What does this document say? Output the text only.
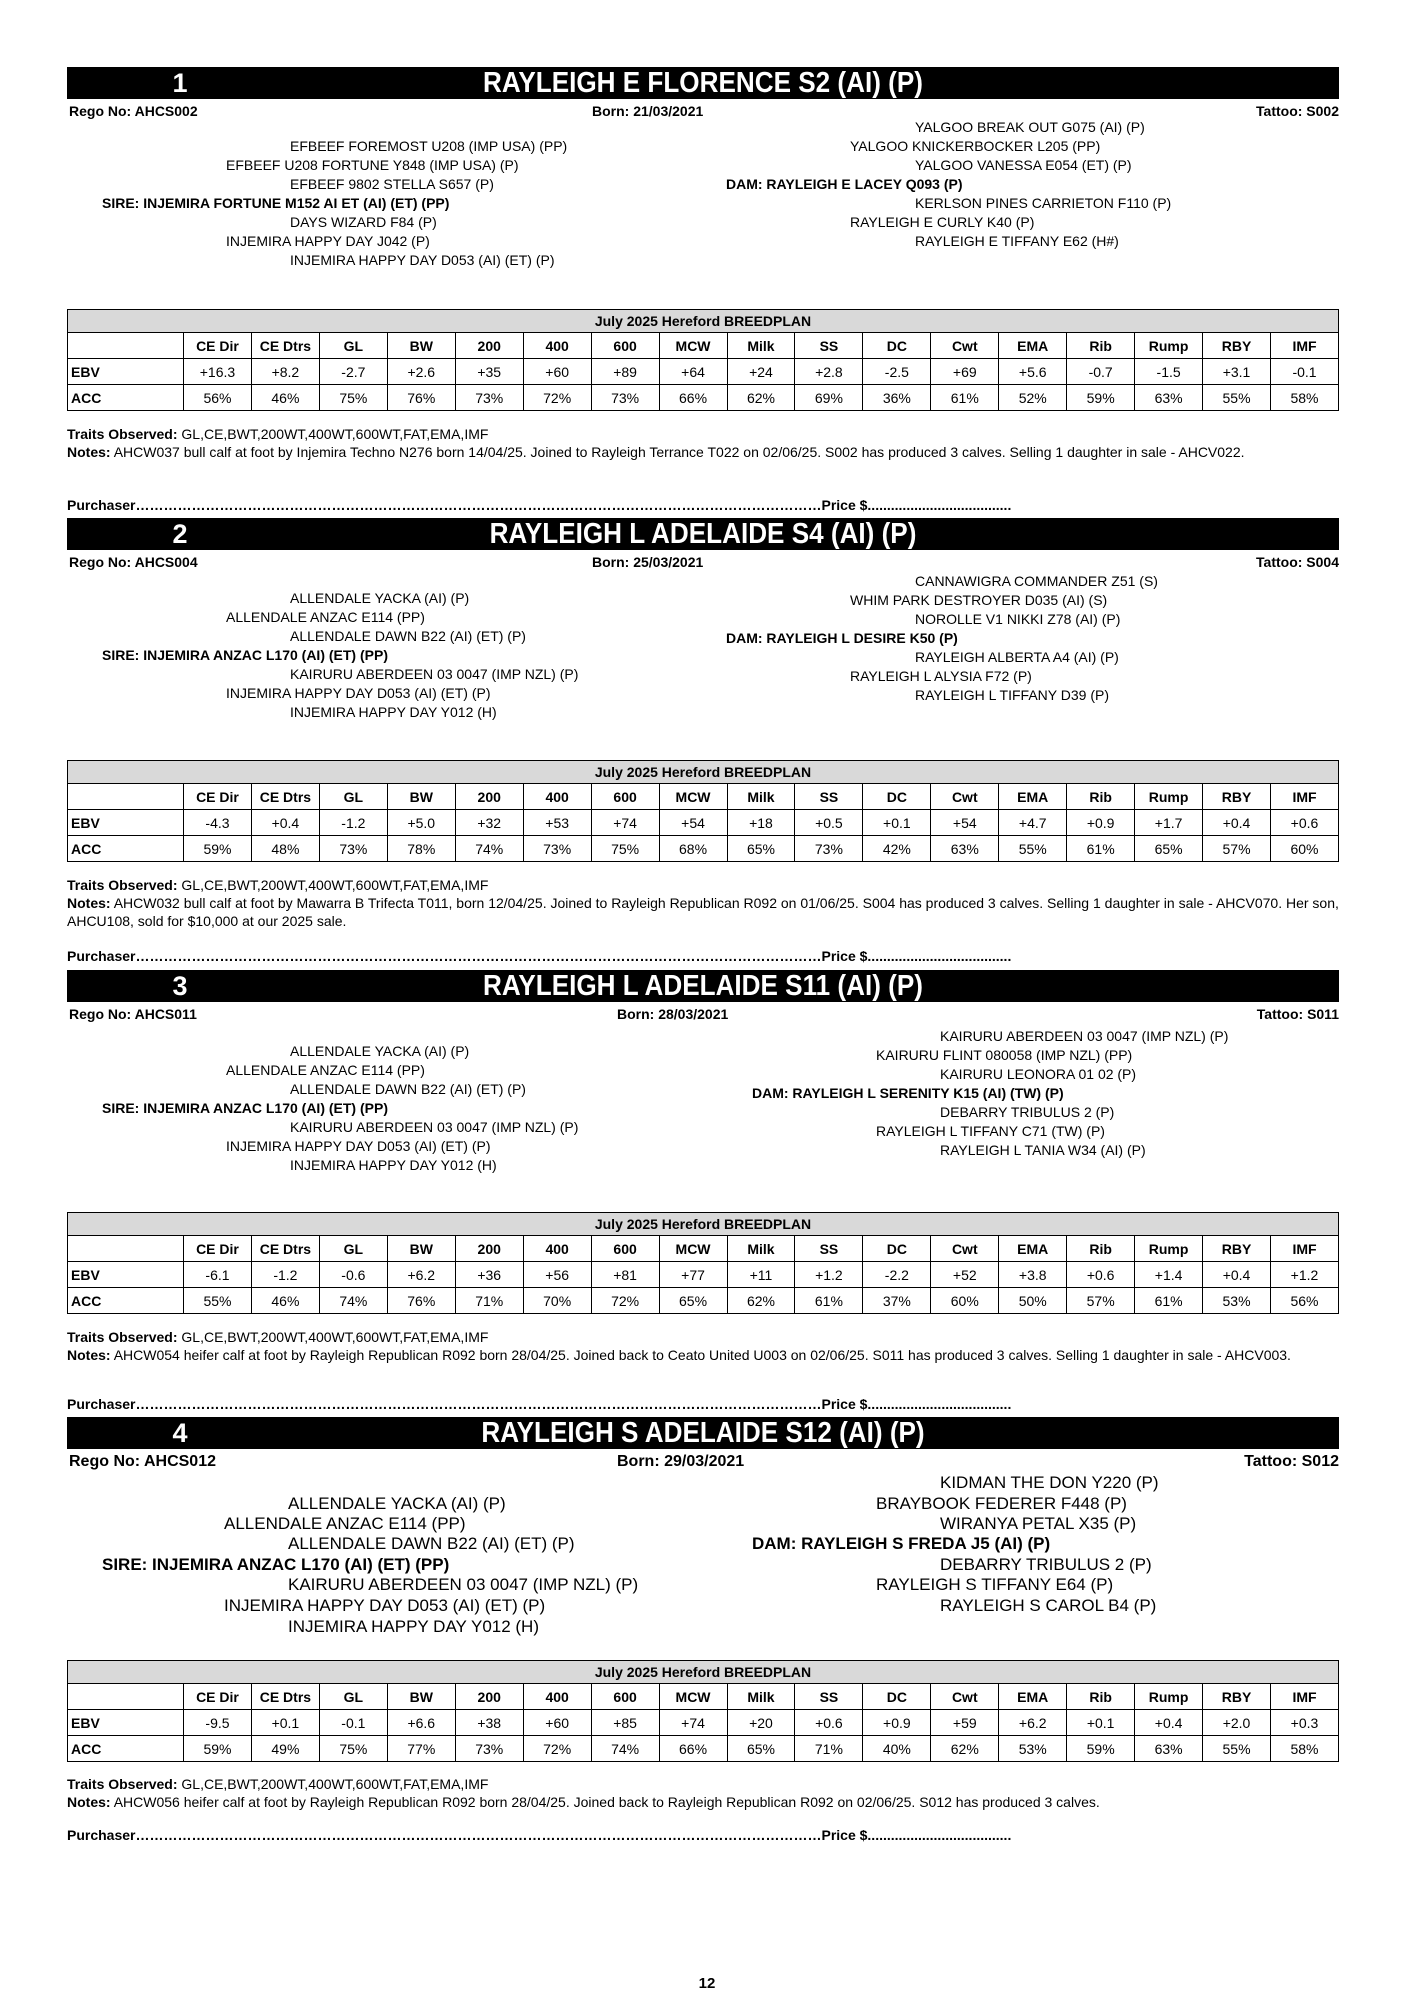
1	RAYLEIGH E FLORENCE S2 (AI) (P)
Rego No: AHCS002	Born: 21/03/2021	Tattoo: S002
EFBEEF FOREMOST U208 (IMP USA) (PP)
EFBEEF U208 FORTUNE Y848 (IMP USA) (P)
EFBEEF 9802 STELLA S657 (P)
SIRE: INJEMIRA FORTUNE M152 AI ET (AI) (ET) (PP)
DAYS WIZARD F84 (P)
INJEMIRA HAPPY DAY J042 (P)
INJEMIRA HAPPY DAY D053 (AI) (ET) (P)
YALGOO BREAK OUT G075 (AI) (P)
YALGOO KNICKERBOCKER L205 (PP)
YALGOO VANESSA E054 (ET) (P)
DAM: RAYLEIGH E LACEY Q093 (P)
KERLSON PINES CARRIETON F110 (P)
RAYLEIGH E CURLY K40 (P)
RAYLEIGH E TIFFANY E62 (H#)
July 2025 Hereford BREEDPLAN																	
	CE Dir	CE Dtrs	GL	BW	200	400	600	MCW	Milk	SS	DC	Cwt	EMA	Rib	Rump	RBY	IMF
EBV	+16.3	+8.2	-2.7	+2.6	+35	+60	+89	+64	+24	+2.8	-2.5	+69	+5.6	-0.7	-1.5	+3.1	-0.1
ACC	56%	46%	75%	76%	73%	72%	73%	66%	62%	69%	36%	61%	52%	59%	63%	55%	58%
Traits Observed: GL,CE,BWT,200WT,400WT,600WT,FAT,EMA,IMF
Notes: AHCW037 bull calf at foot by Injemira Techno N276 born 14/04/25. Joined to Rayleigh Terrance T022 on 02/06/25. S002 has produced 3 calves. Selling 1 daughter in sale - AHCV022.
Purchaser…………………………………………………………………………………………………………………………………Price $.....................................
2	RAYLEIGH L ADELAIDE S4 (AI) (P)
Rego No: AHCS004	Born: 25/03/2021	Tattoo: S004
ALLENDALE YACKA (AI) (P)
ALLENDALE ANZAC E114 (PP)
ALLENDALE DAWN B22 (AI) (ET) (P)
SIRE: INJEMIRA ANZAC L170 (AI) (ET) (PP)
KAIRURU ABERDEEN 03 0047 (IMP NZL) (P)
INJEMIRA HAPPY DAY D053 (AI) (ET) (P)
INJEMIRA HAPPY DAY Y012 (H)
CANNAWIGRA COMMANDER Z51 (S)
WHIM PARK DESTROYER D035 (AI) (S)
NOROLLE V1 NIKKI Z78 (AI) (P)
DAM: RAYLEIGH L DESIRE K50 (P)
RAYLEIGH ALBERTA A4 (AI) (P)
RAYLEIGH L ALYSIA F72 (P)
RAYLEIGH L TIFFANY D39 (P)
July 2025 Hereford BREEDPLAN																	
	CE Dir	CE Dtrs	GL	BW	200	400	600	MCW	Milk	SS	DC	Cwt	EMA	Rib	Rump	RBY	IMF
EBV	-4.3	+0.4	-1.2	+5.0	+32	+53	+74	+54	+18	+0.5	+0.1	+54	+4.7	+0.9	+1.7	+0.4	+0.6
ACC	59%	48%	73%	78%	74%	73%	75%	68%	65%	73%	42%	63%	55%	61%	65%	57%	60%
Traits Observed: GL,CE,BWT,200WT,400WT,600WT,FAT,EMA,IMF
Notes: AHCW032 bull calf at foot by Mawarra B Trifecta T011, born 12/04/25. Joined to Rayleigh Republican R092 on 01/06/25. S004 has produced 3 calves. Selling 1 daughter in sale - AHCV070. Her son, AHCU108, sold for $10,000 at our 2025 sale.
Purchaser…………………………………………………………………………………………………………………………………Price $.....................................
3	RAYLEIGH L ADELAIDE S11 (AI) (P)
Rego No: AHCS011	Born: 28/03/2021	Tattoo: S011
ALLENDALE YACKA (AI) (P)
ALLENDALE ANZAC E114 (PP)
ALLENDALE DAWN B22 (AI) (ET) (P)
SIRE: INJEMIRA ANZAC L170 (AI) (ET) (PP)
KAIRURU ABERDEEN 03 0047 (IMP NZL) (P)
INJEMIRA HAPPY DAY D053 (AI) (ET) (P)
INJEMIRA HAPPY DAY Y012 (H)
KAIRURU ABERDEEN 03 0047 (IMP NZL) (P)
KAIRURU FLINT 080058 (IMP NZL) (PP)
KAIRURU LEONORA 01 02 (P)
DAM: RAYLEIGH L SERENITY K15 (AI) (TW) (P)
DEBARRY TRIBULUS 2 (P)
RAYLEIGH L TIFFANY C71 (TW) (P)
RAYLEIGH L TANIA W34 (AI) (P)
July 2025 Hereford BREEDPLAN																	
	CE Dir	CE Dtrs	GL	BW	200	400	600	MCW	Milk	SS	DC	Cwt	EMA	Rib	Rump	RBY	IMF
EBV	-6.1	-1.2	-0.6	+6.2	+36	+56	+81	+77	+11	+1.2	-2.2	+52	+3.8	+0.6	+1.4	+0.4	+1.2
ACC	55%	46%	74%	76%	71%	70%	72%	65%	62%	61%	37%	60%	50%	57%	61%	53%	56%
Traits Observed: GL,CE,BWT,200WT,400WT,600WT,FAT,EMA,IMF
Notes: AHCW054 heifer calf at foot by Rayleigh Republican R092 born 28/04/25. Joined back to Ceato United U003 on 02/06/25. S011 has produced 3 calves. Selling 1 daughter in sale - AHCV003.
Purchaser…………………………………………………………………………………………………………………………………Price $.....................................
4	RAYLEIGH S ADELAIDE S12 (AI) (P)
Rego No: AHCS012	Born: 29/03/2021	Tattoo: S012
ALLENDALE YACKA (AI) (P)
ALLENDALE ANZAC E114 (PP)
ALLENDALE DAWN B22 (AI) (ET) (P)
SIRE: INJEMIRA ANZAC L170 (AI) (ET) (PP)
KAIRURU ABERDEEN 03 0047 (IMP NZL) (P)
INJEMIRA HAPPY DAY D053 (AI) (ET) (P)
INJEMIRA HAPPY DAY Y012 (H)
KIDMAN THE DON Y220 (P)
BRAYBOOK FEDERER F448 (P)
WIRANYA PETAL X35 (P)
DAM: RAYLEIGH S FREDA J5 (AI) (P)
DEBARRY TRIBULUS 2 (P)
RAYLEIGH S TIFFANY E64 (P)
RAYLEIGH S CAROL B4 (P)
July 2025 Hereford BREEDPLAN																	
	CE Dir	CE Dtrs	GL	BW	200	400	600	MCW	Milk	SS	DC	Cwt	EMA	Rib	Rump	RBY	IMF
EBV	-9.5	+0.1	-0.1	+6.6	+38	+60	+85	+74	+20	+0.6	+0.9	+59	+6.2	+0.1	+0.4	+2.0	+0.3
ACC	59%	49%	75%	77%	73%	72%	74%	66%	65%	71%	40%	62%	53%	59%	63%	55%	58%
Traits Observed: GL,CE,BWT,200WT,400WT,600WT,FAT,EMA,IMF
Notes: AHCW056 heifer calf at foot by Rayleigh Republican R092 born 28/04/25. Joined back to Rayleigh Republican R092 on 02/06/25. S012 has produced 3 calves.
Purchaser…………………………………………………………………………………………………………………………………Price $.....................................
12
